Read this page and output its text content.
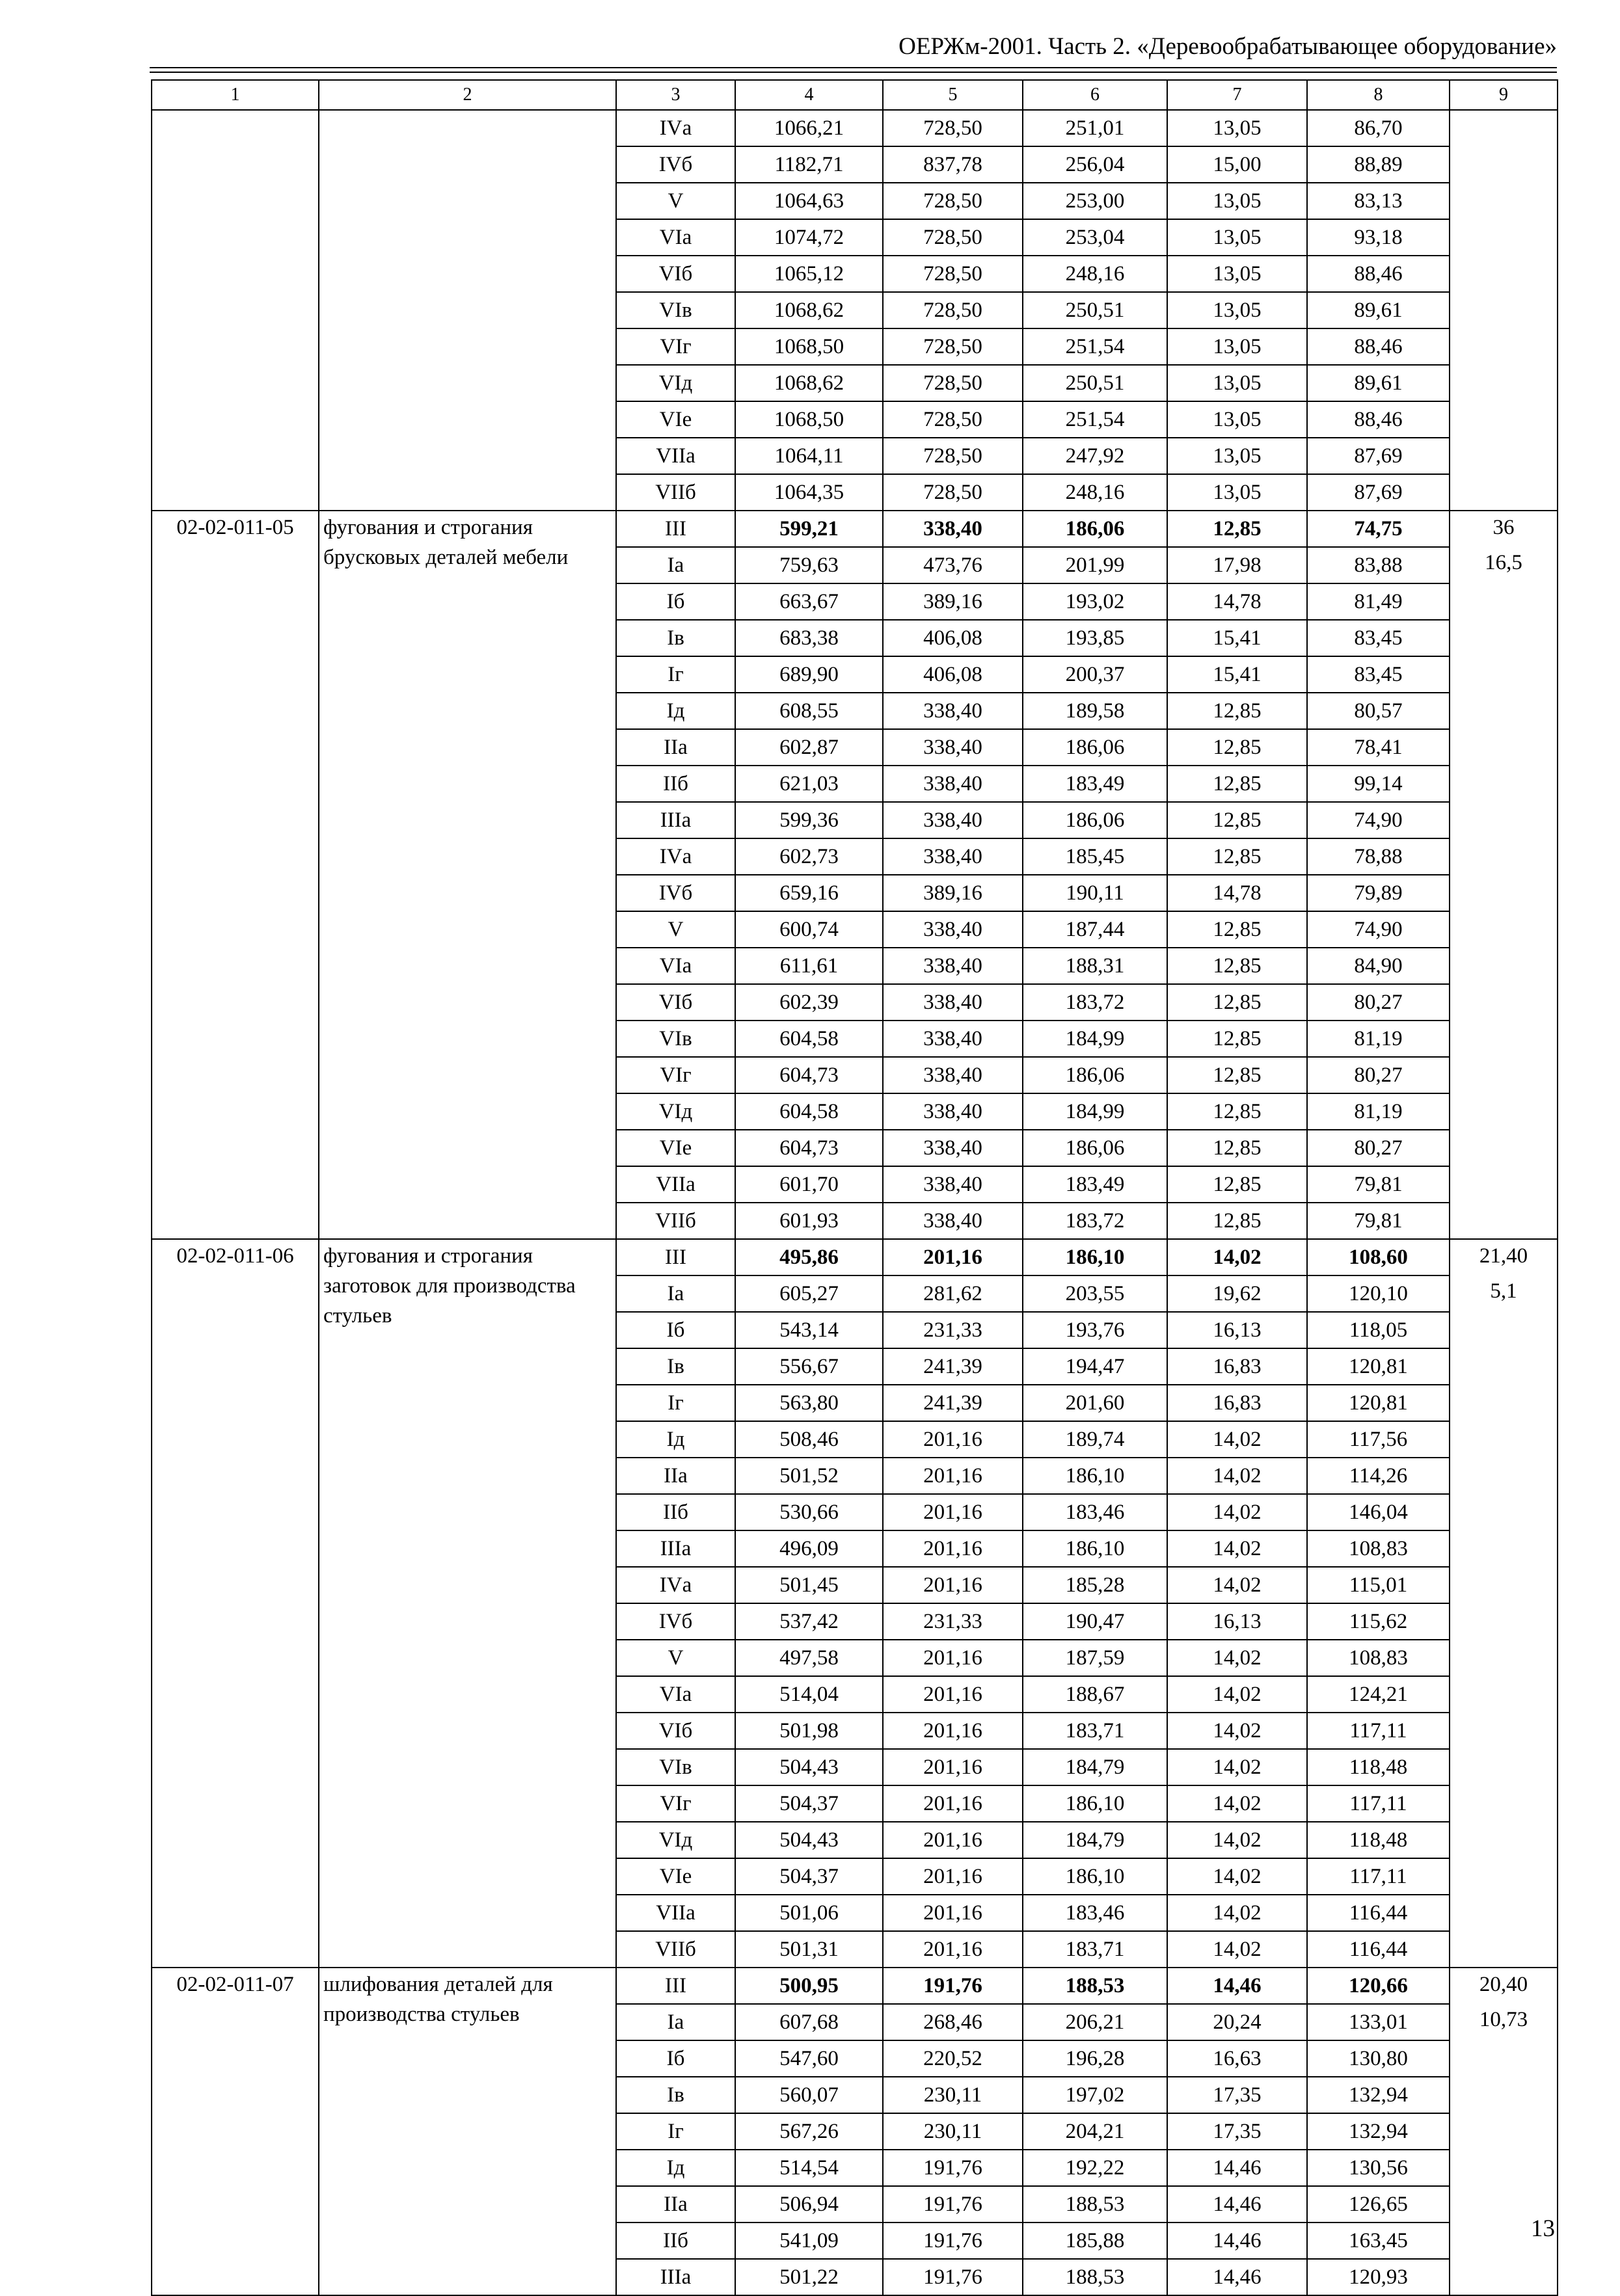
ОЕРЖм-2001. Часть 2. «Деревообрабатывающее оборудование»
1	2	3	4	5	6	7	8	9
		IVа	1066,21	728,50	251,01	13,05	86,70	
		IVб	1182,71	837,78	256,04	15,00	88,89	
		V	1064,63	728,50	253,00	13,05	83,13	
		VIа	1074,72	728,50	253,04	13,05	93,18	
		VIб	1065,12	728,50	248,16	13,05	88,46	
		VIв	1068,62	728,50	250,51	13,05	89,61	
		VIг	1068,50	728,50	251,54	13,05	88,46	
		VIд	1068,62	728,50	250,51	13,05	89,61	
		VIе	1068,50	728,50	251,54	13,05	88,46	
		VIIа	1064,11	728,50	247,92	13,05	87,69	
		VIIб	1064,35	728,50	248,16	13,05	87,69	
02-02-011-05	фугования и строгания брусковых деталей мебели	III	599,21	338,40	186,06	12,85	74,75	36
16,5

		Iа	759,63	473,76	201,99	17,98	83,88	
		Iб	663,67	389,16	193,02	14,78	81,49	
		Iв	683,38	406,08	193,85	15,41	83,45	
		Iг	689,90	406,08	200,37	15,41	83,45	
		Iд	608,55	338,40	189,58	12,85	80,57	
		IIа	602,87	338,40	186,06	12,85	78,41	
		IIб	621,03	338,40	183,49	12,85	99,14	
		IIIа	599,36	338,40	186,06	12,85	74,90	
		IVа	602,73	338,40	185,45	12,85	78,88	
		IVб	659,16	389,16	190,11	14,78	79,89	
		V	600,74	338,40	187,44	12,85	74,90	
		VIа	611,61	338,40	188,31	12,85	84,90	
		VIб	602,39	338,40	183,72	12,85	80,27	
		VIв	604,58	338,40	184,99	12,85	81,19	
		VIг	604,73	338,40	186,06	12,85	80,27	
		VIд	604,58	338,40	184,99	12,85	81,19	
		VIе	604,73	338,40	186,06	12,85	80,27	
		VIIа	601,70	338,40	183,49	12,85	79,81	
		VIIб	601,93	338,40	183,72	12,85	79,81	
02-02-011-06	фугования и строгания заготовок для производства стульев	III	495,86	201,16	186,10	14,02	108,60	21,40
5,1

		Iа	605,27	281,62	203,55	19,62	120,10	
		Iб	543,14	231,33	193,76	16,13	118,05	
		Iв	556,67	241,39	194,47	16,83	120,81	
		Iг	563,80	241,39	201,60	16,83	120,81	
		Iд	508,46	201,16	189,74	14,02	117,56	
		IIа	501,52	201,16	186,10	14,02	114,26	
		IIб	530,66	201,16	183,46	14,02	146,04	
		IIIа	496,09	201,16	186,10	14,02	108,83	
		IVа	501,45	201,16	185,28	14,02	115,01	
		IVб	537,42	231,33	190,47	16,13	115,62	
		V	497,58	201,16	187,59	14,02	108,83	
		VIа	514,04	201,16	188,67	14,02	124,21	
		VIб	501,98	201,16	183,71	14,02	117,11	
		VIв	504,43	201,16	184,79	14,02	118,48	
		VIг	504,37	201,16	186,10	14,02	117,11	
		VIд	504,43	201,16	184,79	14,02	118,48	
		VIе	504,37	201,16	186,10	14,02	117,11	
		VIIа	501,06	201,16	183,46	14,02	116,44	
		VIIб	501,31	201,16	183,71	14,02	116,44	
02-02-011-07	шлифования деталей для производства стульев	III	500,95	191,76	188,53	14,46	120,66	20,40
10,73

		Iа	607,68	268,46	206,21	20,24	133,01	
		Iб	547,60	220,52	196,28	16,63	130,80	
		Iв	560,07	230,11	197,02	17,35	132,94	
		Iг	567,26	230,11	204,21	17,35	132,94	
		Iд	514,54	191,76	192,22	14,46	130,56	
		IIа	506,94	191,76	188,53	14,46	126,65	
		IIб	541,09	191,76	185,88	14,46	163,45	
		IIIа	501,22	191,76	188,53	14,46	120,93	
13
